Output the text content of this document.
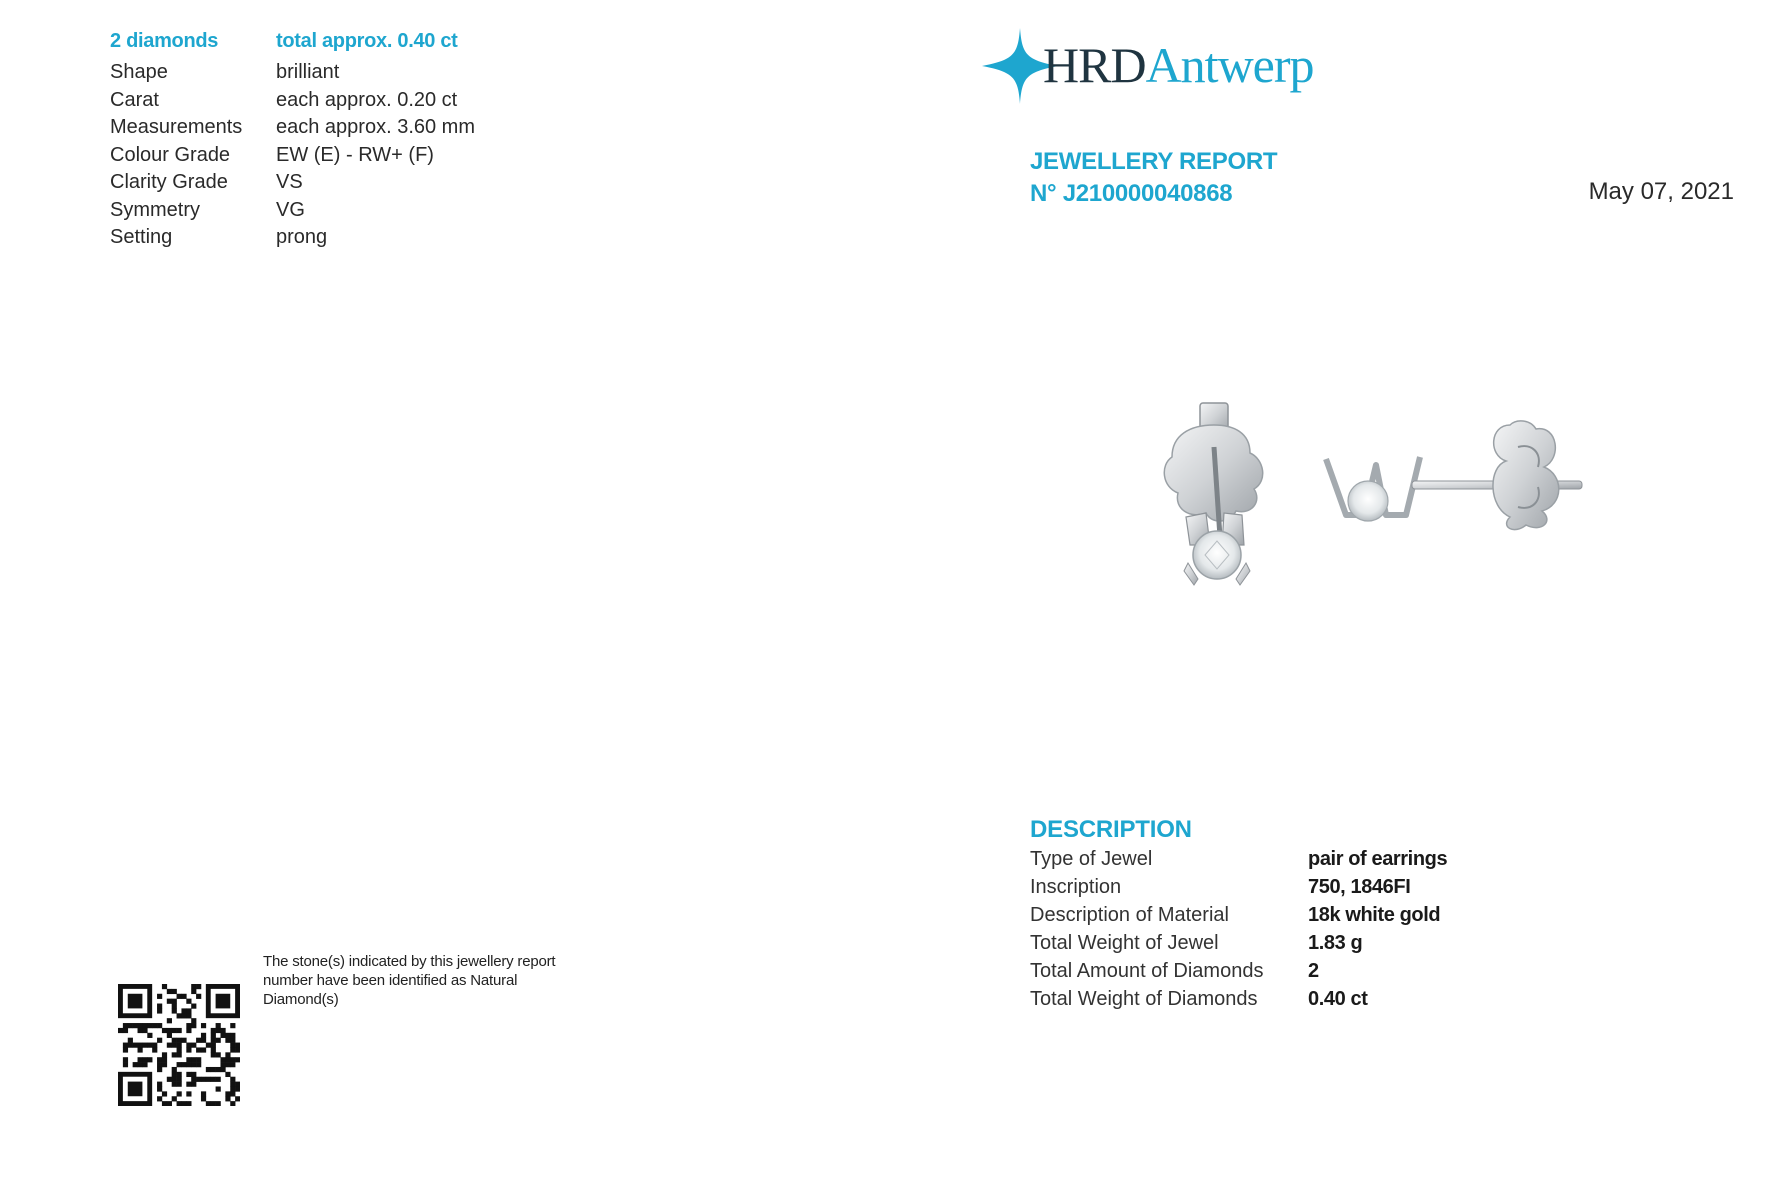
2 diamonds	total approx. 0.40 ct
Shape	brilliant
Carat	each approx. 0.20 ct
Measurements	each approx. 3.60 mm
Colour Grade	EW (E) - RW+ (F)
Clarity Grade	VS
Symmetry	VG
Setting	prong
The stone(s) indicated by this jewellery report number have been identified as Natural Diamond(s)
HRDAntwerp
JEWELLERY REPORT
N° J210000040868	May 07, 2021
DESCRIPTION
Type of Jewel	pair of earrings
Inscription	750, 1846FI
Description of Material	18k white gold
Total Weight of Jewel	1.83 g
Total Amount of Diamonds	2
Total Weight of Diamonds	0.40 ct
